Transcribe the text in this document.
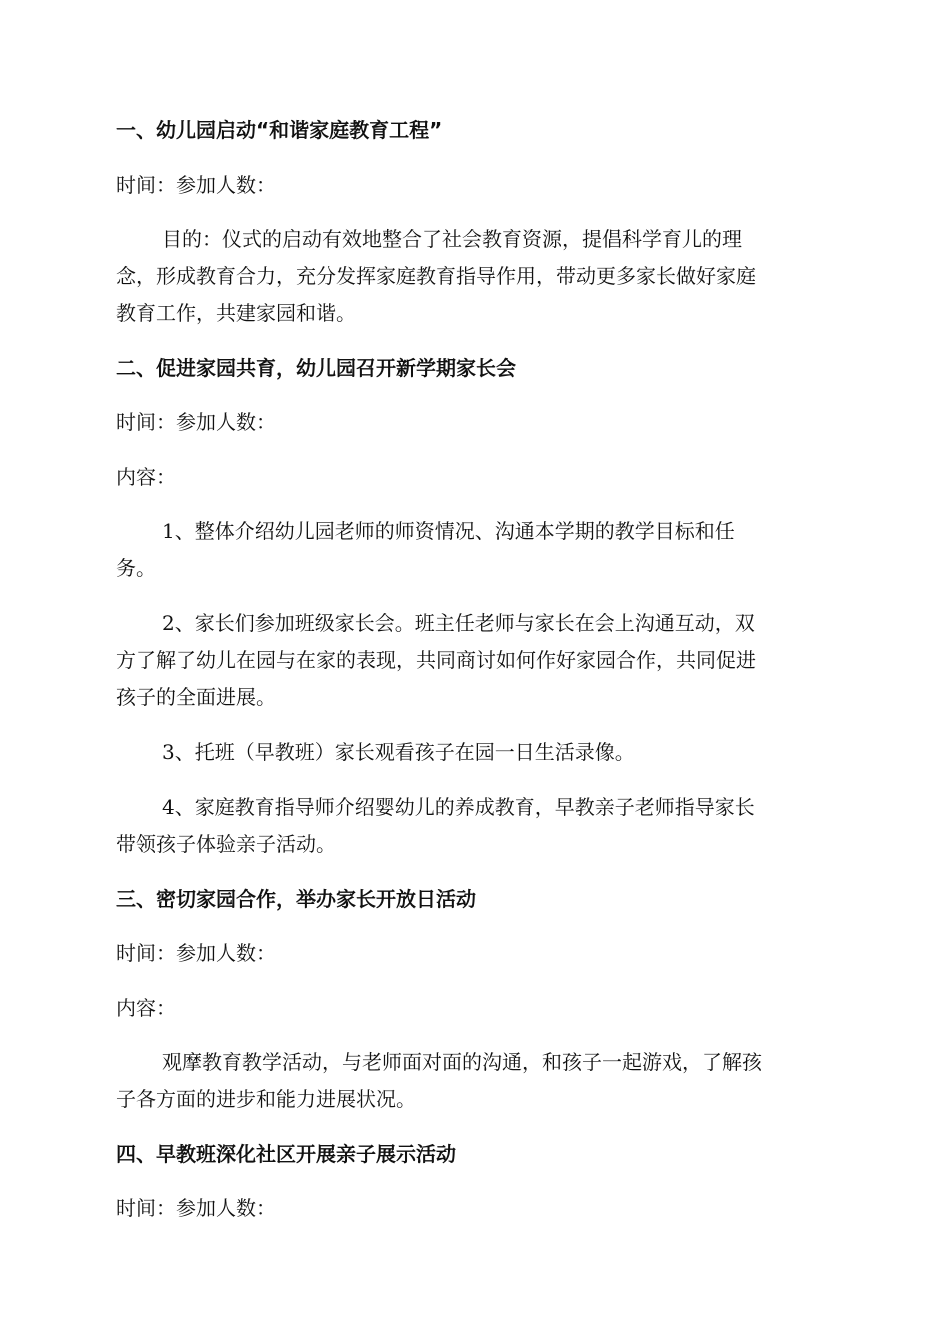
一、幼儿园启动“和谐家庭教育工程”
时间：参加人数：
目的：仪式的启动有效地整合了社会教育资源，提倡科学育儿的理
念，形成教育合力，充分发挥家庭教育指导作用，带动更多家长做好家庭
教育工作，共建家园和谐。
二、促进家园共育，幼儿园召开新学期家长会
时间：参加人数：
内容：
1、整体介绍幼儿园老师的师资情况、沟通本学期的教学目标和任
务。
2、家长们参加班级家长会。班主任老师与家长在会上沟通互动，双
方了解了幼儿在园与在家的表现，共同商讨如何作好家园合作，共同促进
孩子的全面进展。
3、托班（早教班）家长观看孩子在园一日生活录像。
4、家庭教育指导师介绍婴幼儿的养成教育，早教亲子老师指导家长
带领孩子体验亲子活动。
三、密切家园合作，举办家长开放日活动
时间：参加人数：
内容：
观摩教育教学活动，与老师面对面的沟通，和孩子一起游戏，了解孩
子各方面的进步和能力进展状况。
四、早教班深化社区开展亲子展示活动
时间：参加人数：
